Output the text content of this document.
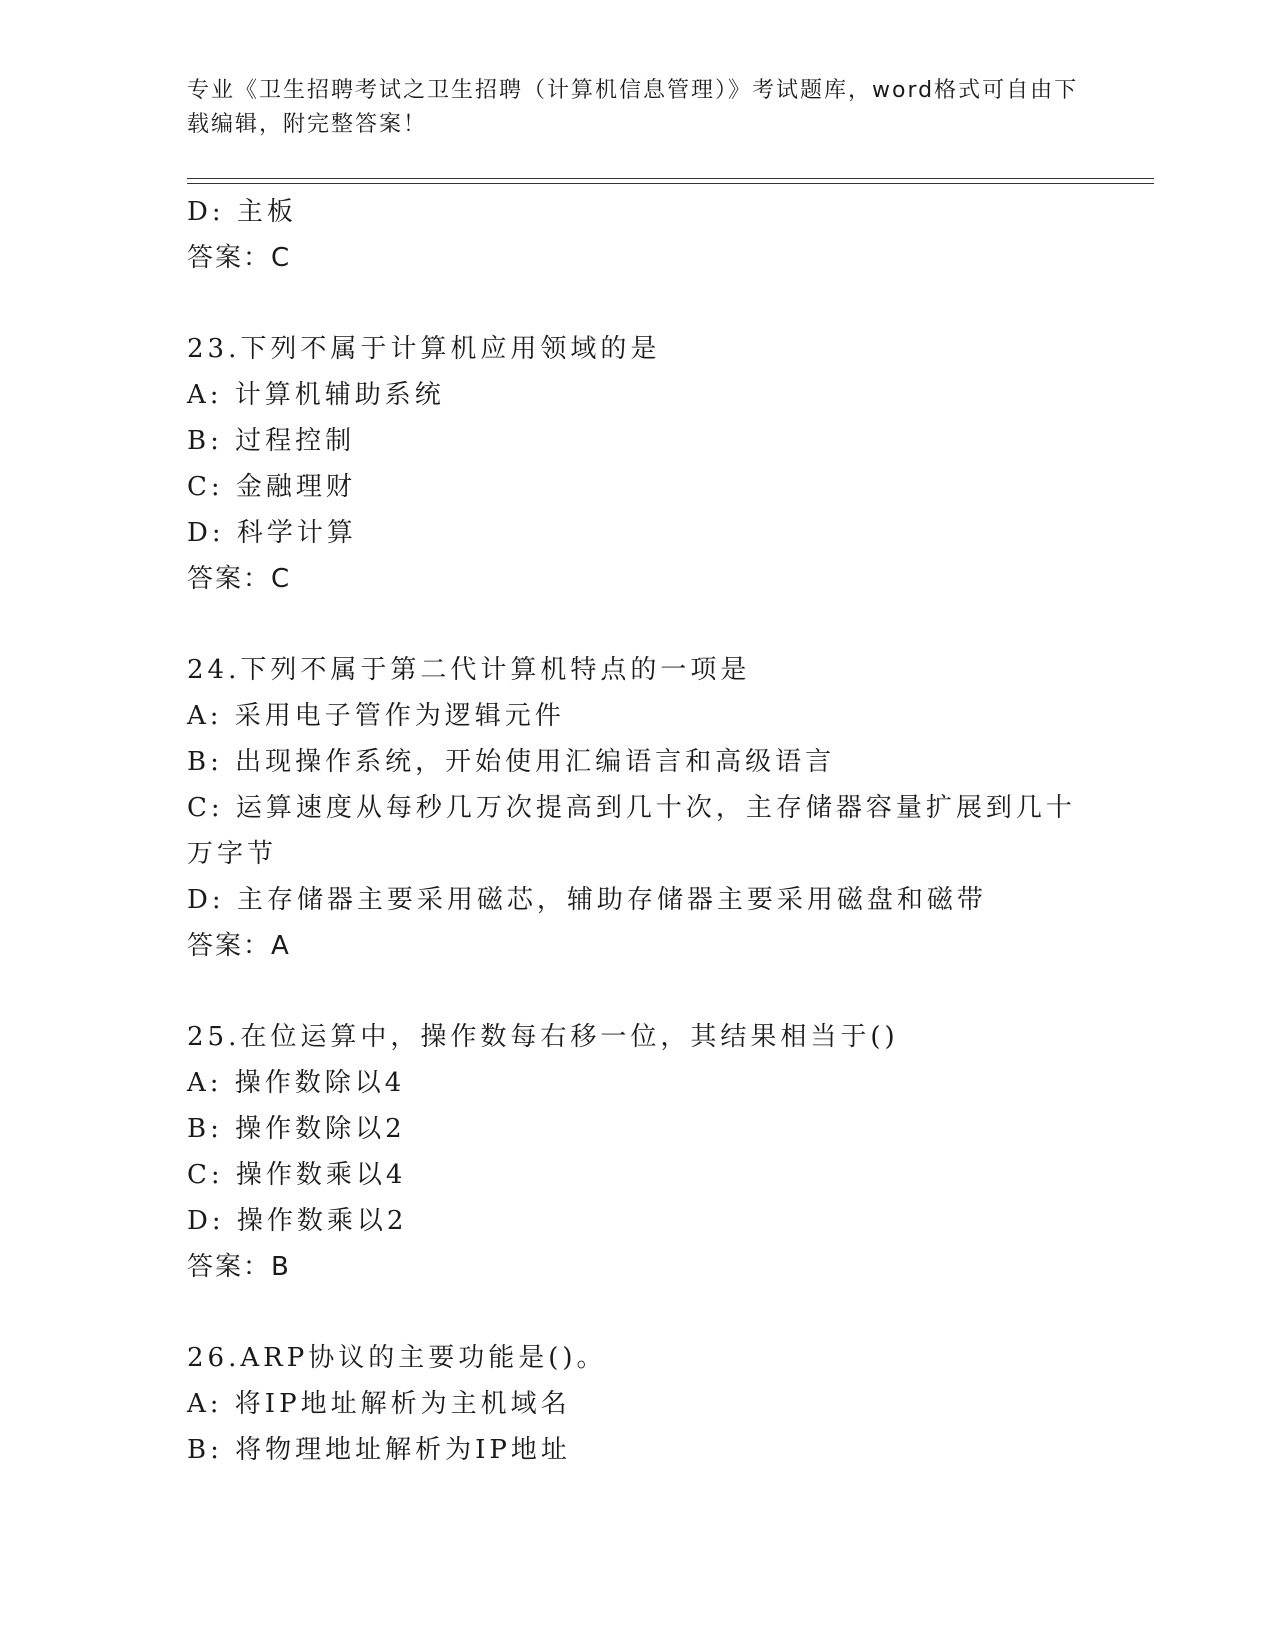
专业《卫生招聘考试之卫生招聘（计算机信息管理）》考试题库，word格式可自由下载编辑，附完整答案！
D: 主板
答案：C
23.下列不属于计算机应用领域的是
A: 计算机辅助系统
B: 过程控制
C: 金融理财
D: 科学计算
答案：C
24.下列不属于第二代计算机特点的一项是
A: 采用电子管作为逻辑元件
B: 出现操作系统，开始使用汇编语言和高级语言
C: 运算速度从每秒几万次提高到几十次，主存储器容量扩展到几十万字节
D: 主存储器主要采用磁芯，辅助存储器主要采用磁盘和磁带
答案：A
25.在位运算中，操作数每右移一位，其结果相当于()
A: 操作数除以4
B: 操作数除以2
C: 操作数乘以4
D: 操作数乘以2
答案：B
26.ARP协议的主要功能是()。
A: 将IP地址解析为主机域名
B: 将物理地址解析为IP地址
